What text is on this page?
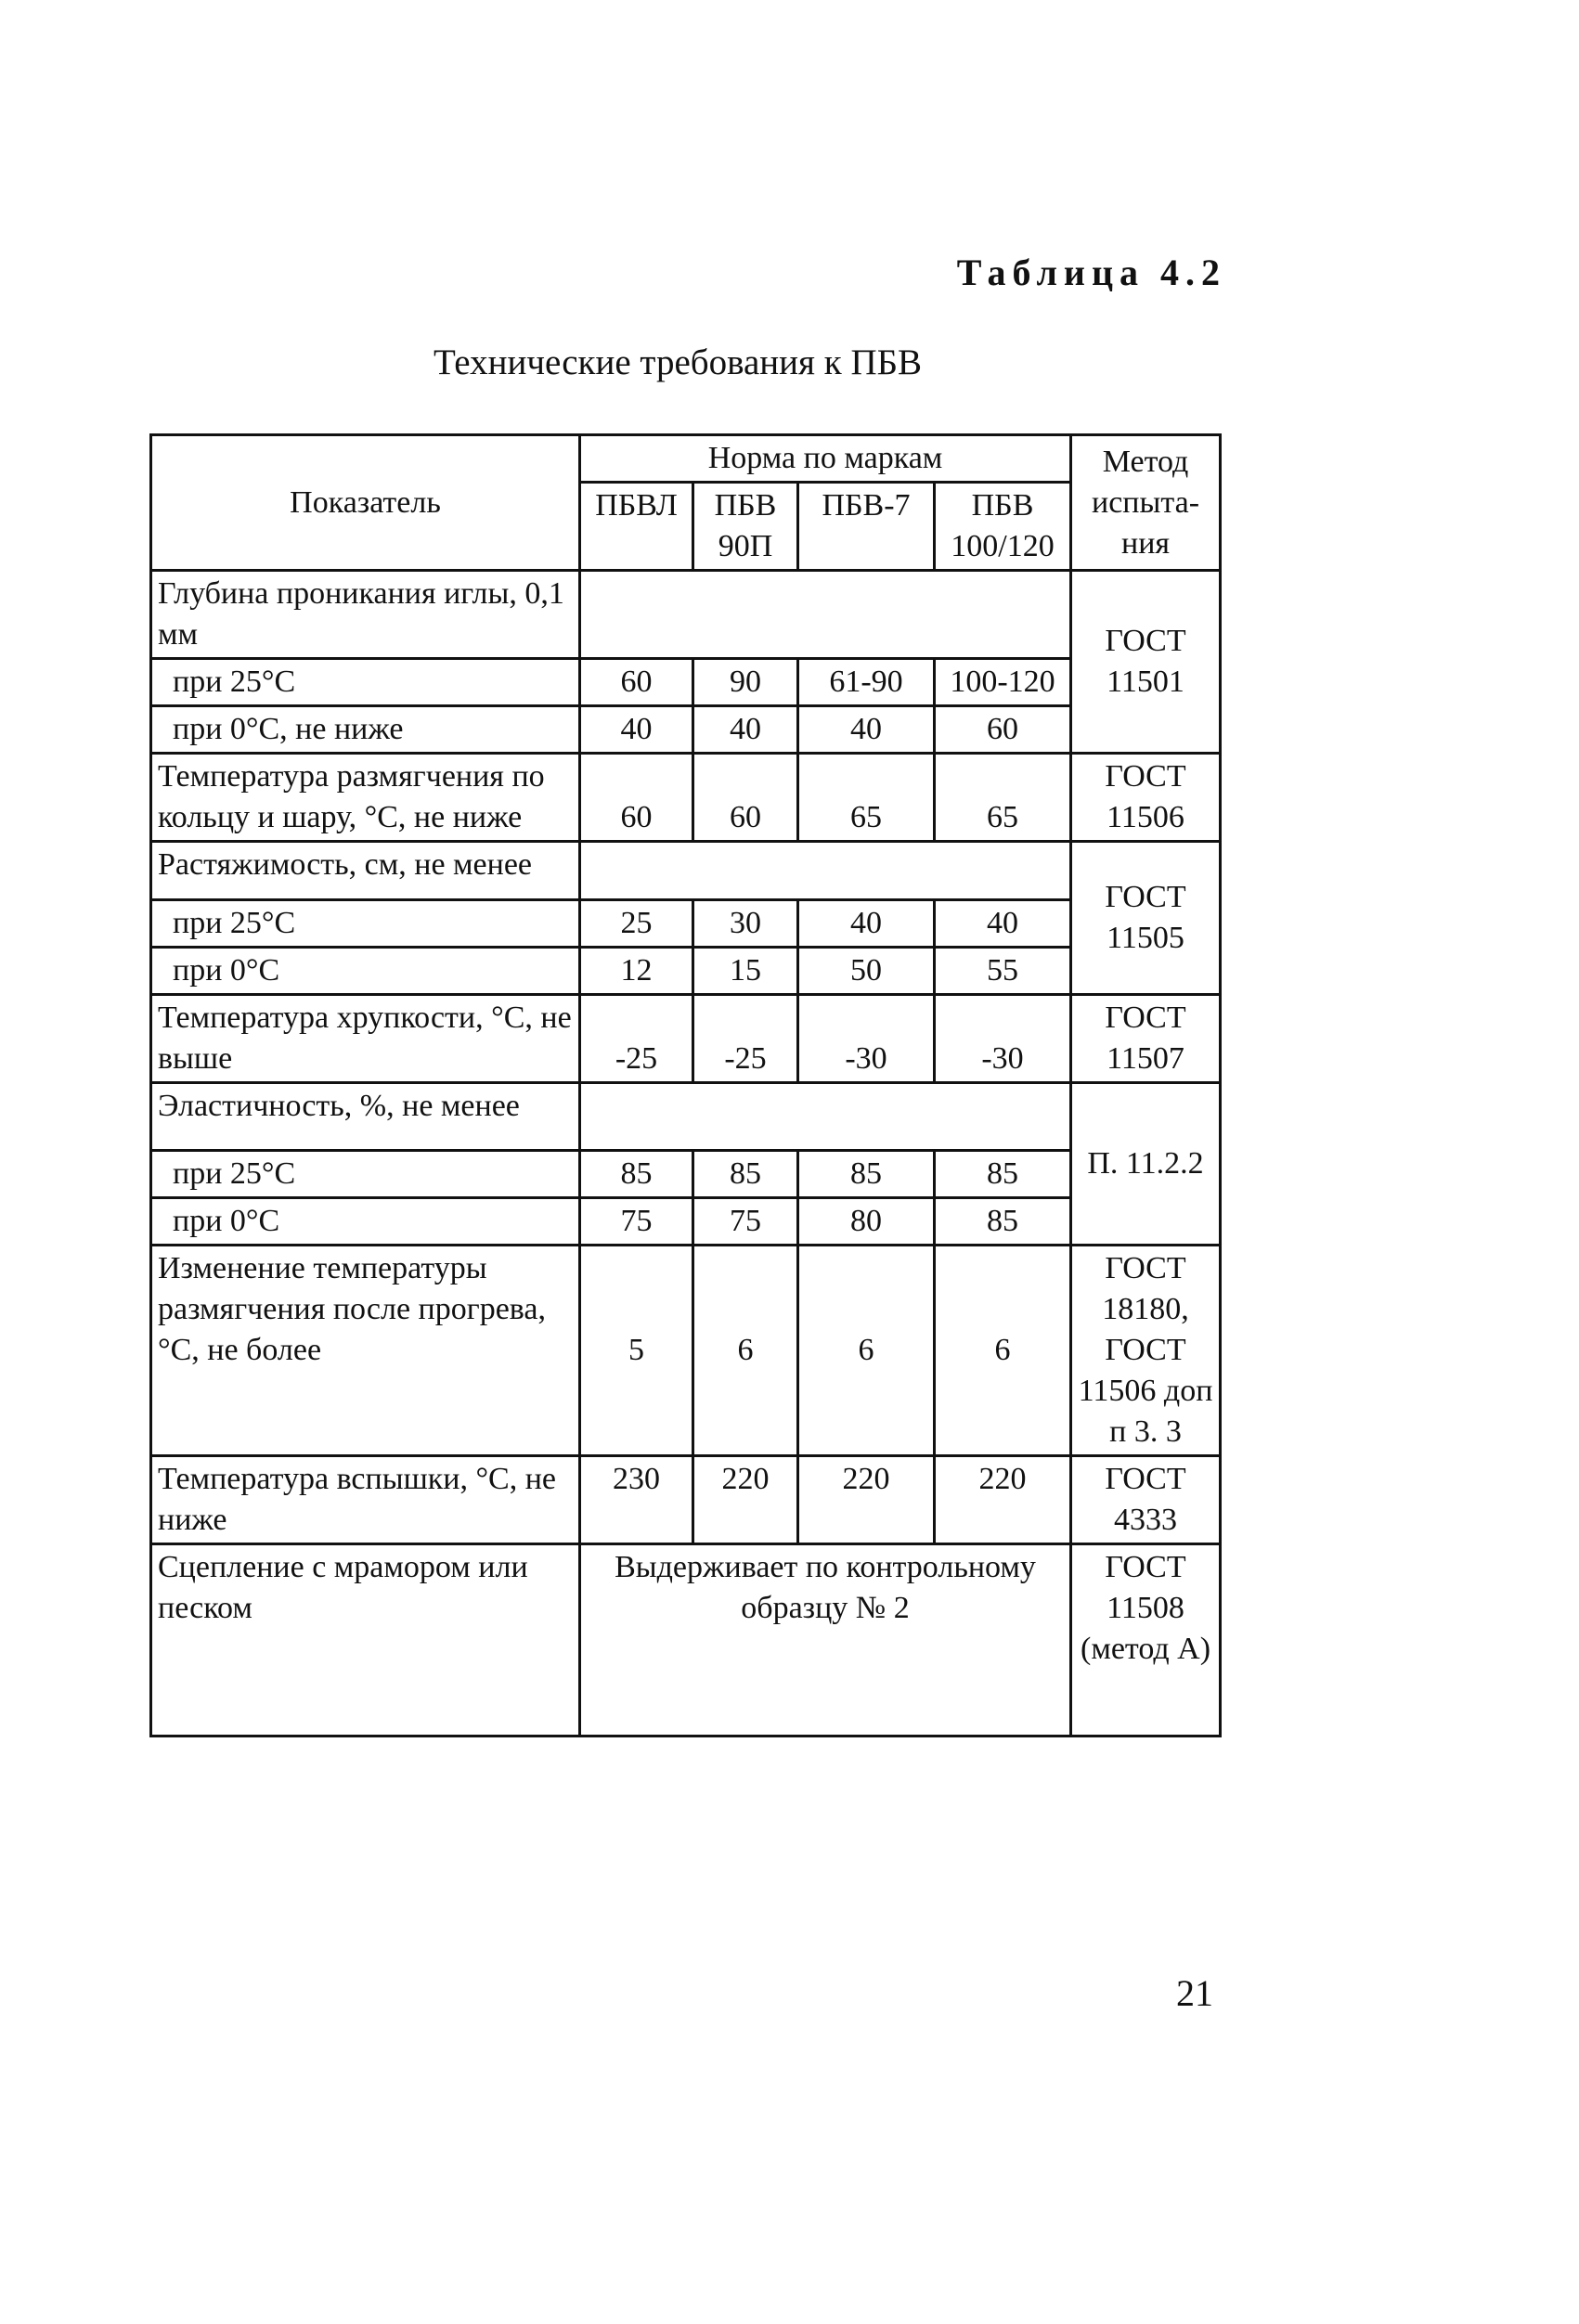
Таблица 4.2
Технические требования к ПБВ
Показатель	Норма по маркам				Метод испыта-ния
	ПБВЛ	ПБВ 90П	ПБВ-7	ПБВ 100/120	
Глубина проникания иглы, 0,1 мм					ГОСТ 11501
при 25°С	60	90	61-90	100-120	
при 0°С, не ниже	40	40	40	60	
Температура размягчения по кольцу и шару, °С, не ниже	60	60	65	65	ГОСТ 11506
Растяжимость, см, не менее					ГОСТ 11505
при 25°С	25	30	40	40	
при 0°С	12	15	50	55	
Температура хрупкости, °С, не выше	-25	-25	-30	-30	ГОСТ 11507
Эластичность, %, не менее					П. 11.2.2
при 25°С	85	85	85	85	
при 0°С	75	75	80	85	
Изменение температуры размягчения после прогрева, °С, не более	5	6	6	6	ГОСТ 18180, ГОСТ 11506 доп п 3. 3
Температура вспышки, °С, не ниже	230	220	220	220	ГОСТ 4333
Сцепление с мрамором или песком	Выдерживает по контрольному образцу № 2				ГОСТ 11508 (метод А)
21
